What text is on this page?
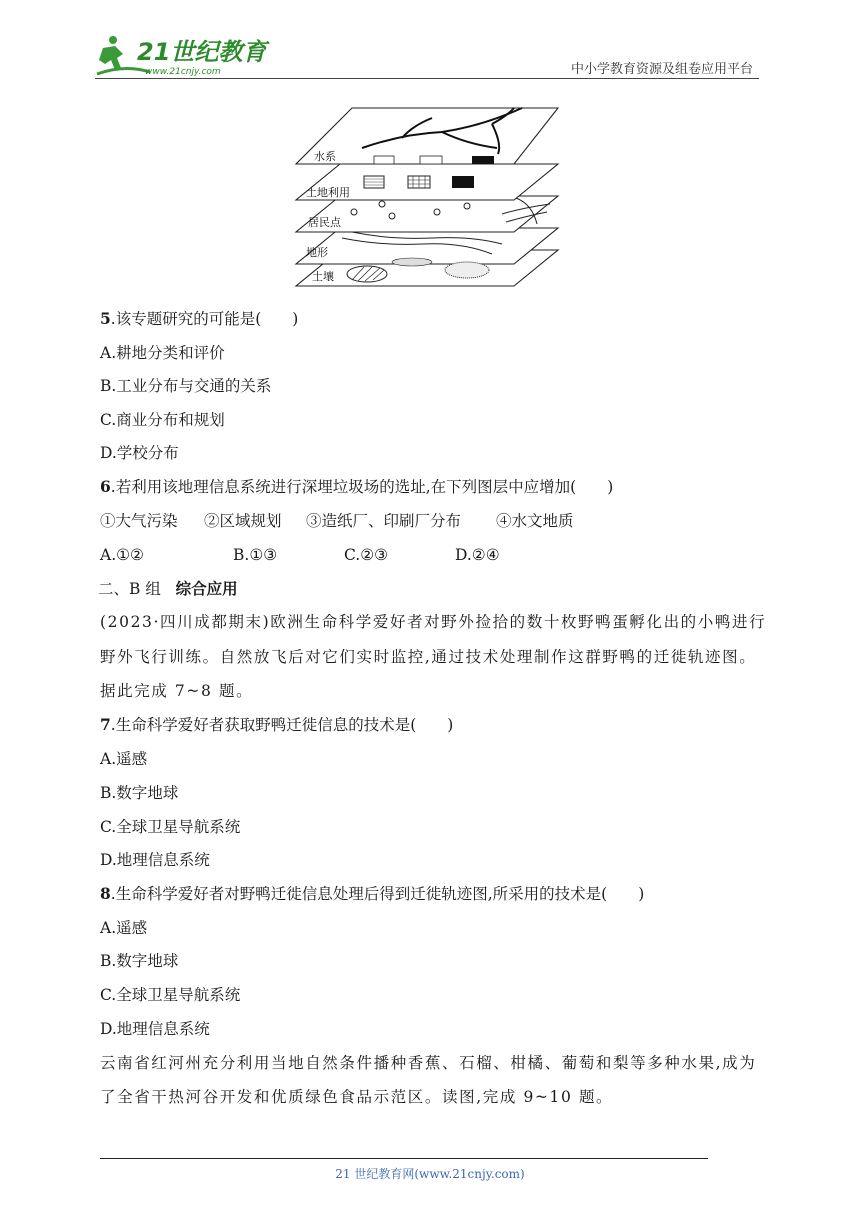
21世纪教育
www.21cnjy.com	中小学教育资源及组卷应用平台
水系
土地利用
居民点
地形
土壤
5.该专题研究的可能是(　　)
A.耕地分类和评价
B.工业分布与交通的关系
C.商业分布和规划
D.学校分布
6.若利用该地理信息系统进行深埋垃圾场的选址,在下列图层中应增加(　　)
①大气污染 ②区域规划 ③造纸厂、印刷厂分布 ④水文地质
A.①②	B.①③	C.②③	D.②④
二、B 组 综合应用
(2023·四川成都期末)欧洲生命科学爱好者对野外捡拾的数十枚野鸭蛋孵化出的小鸭进行
野外飞行训练。自然放飞后对它们实时监控,通过技术处理制作这群野鸭的迁徙轨迹图。
据此完成 7~8 题。
7.生命科学爱好者获取野鸭迁徙信息的技术是(　　)
A.遥感
B.数字地球
C.全球卫星导航系统
D.地理信息系统
8.生命科学爱好者对野鸭迁徙信息处理后得到迁徙轨迹图,所采用的技术是(　　)
A.遥感
B.数字地球
C.全球卫星导航系统
D.地理信息系统
云南省红河州充分利用当地自然条件播种香蕉、石榴、柑橘、葡萄和梨等多种水果,成为
了全省干热河谷开发和优质绿色食品示范区。读图,完成 9~10 题。
21 世纪教育网(www.21cnjy.com)
